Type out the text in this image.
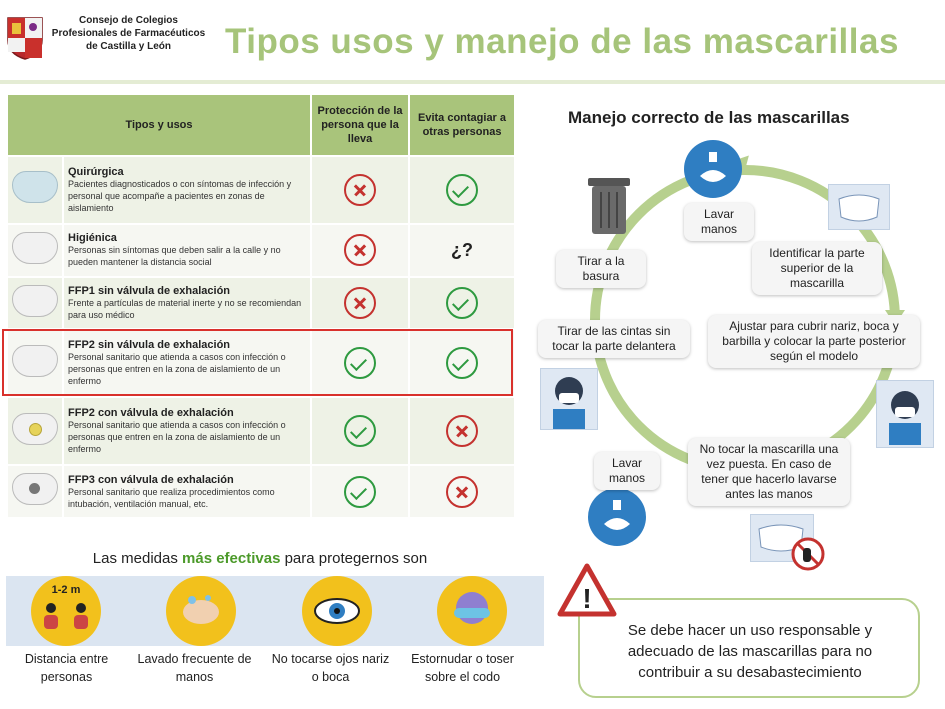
Consejo de Colegios
Profesionales de Farmacéuticos
de Castilla y León	Tipos usos y manejo de las mascarillas
Tipos y usos		Protección de la persona que la lleva	Evita contagiar a otras personas

	Quirúrgica
Pacientes diagnosticados o con síntomas de infección y personal que acompañe a pacientes en zonas de aislamiento		

	Higiénica
Personas sin síntomas que deben salir a la calle y no pueden mantener la distancia social		¿?

	FFP1 sin válvula de exhalación
Frente a partículas de material inerte y no se recomiendan para uso médico		

	FFP2 sin válvula de exhalación
Personal sanitario que atienda a casos con infección o personas que entren en la zona de aislamiento de un enfermo		

	FFP2 con válvula de exhalación
Personal sanitario que atienda a casos con infección o personas que entren en la zona de aislamiento de un enfermo		

	FFP3 con válvula de exhalación
Personal sanitario que realiza procedimientos como intubación, ventilación manual, etc.		

Las medidas más efectivas para protegernos son
1-2 m
Distancia entre personas
Lavado frecuente de manos
No tocarse ojos nariz o boca
Estornudar o toser sobre el codo
Manejo correcto de las mascarillas
Lavar manos
Identificar la parte superior de la mascarilla
Ajustar para cubrir nariz, boca y barbilla y colocar la parte posterior según el modelo
No tocar la mascarilla una vez puesta. En caso de tener que hacerlo lavarse antes las manos
Lavar manos
Tirar de las cintas sin tocar la parte delantera
Tirar a la basura
!
Se debe hacer un uso responsable y adecuado de las mascarillas para no contribuir a su desabastecimiento
